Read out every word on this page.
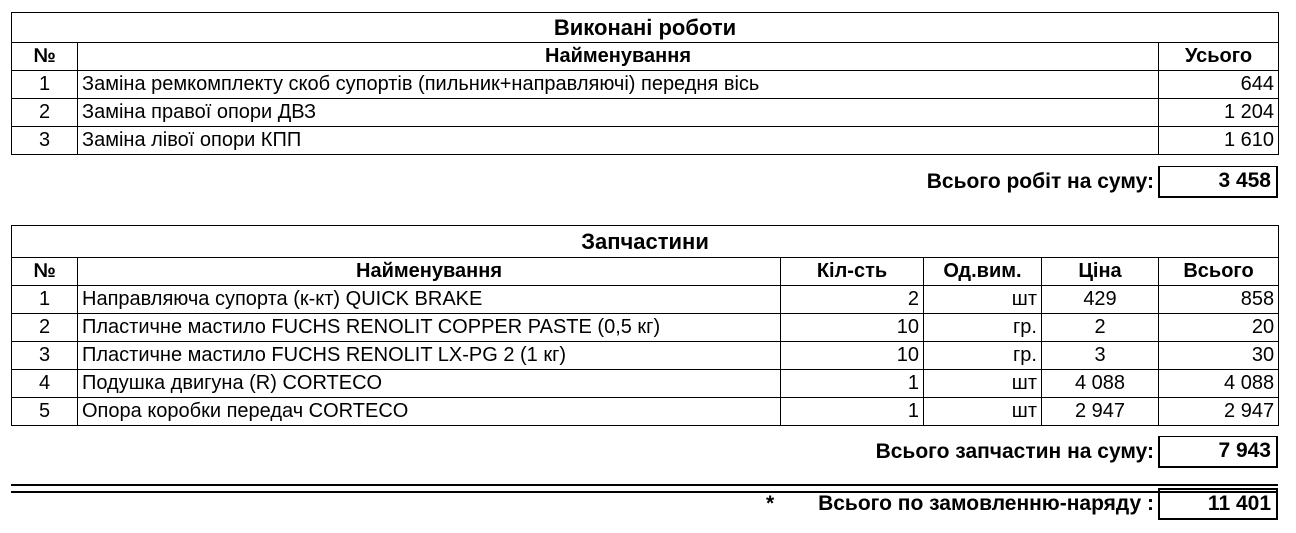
Виконані роботи		
№	Найменування	Усього
1	Заміна ремкомплекту скоб супортів (пильник+направляючі) передня вісь	644
2	Заміна правої опори ДВЗ	1 204
3	Заміна лівої опори КПП	1 610
Всього робіт на суму:	3 458
Запчастини					
№	Найменування	Кіл-сть	Од.вим.	Ціна	Всього
1	Направляюча супорта (к-кт) QUICK BRAKE	2	шт	429	858
2	Пластичне мастило FUCHS RENOLIT COPPER PASTE (0,5 кг)	10	гр.	2	20
3	Пластичне мастило FUCHS RENOLIT LX-PG 2 (1 кг)	10	гр.	3	30
4	Подушка двигуна (R) CORTECO	1	шт	4 088	4 088
5	Опора коробки передач CORTECO	1	шт	2 947	2 947
Всього запчастин на суму:	7 943
* Всього по замовленню-наряду :	11 401
